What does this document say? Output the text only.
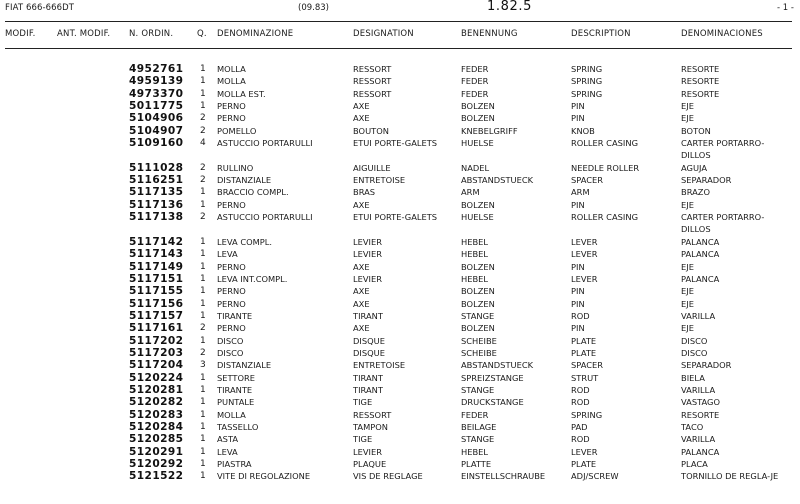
FIAT 666-666DT	(09.83)	1.82.5	- 1 -
MODIF.	ANT. MODIF. N. ORDIN.	Q. DENOMINAZIONE	DESIGNATION	BENENNUNG	DESCRIPTION	DENOMINACIONES
4952761 1 MOLLA	RESSORT	FEDER	SPRING	RESORTE
4959139 1 MOLLA	RESSORT	FEDER	SPRING	RESORTE
4973370 1 MOLLA EST.	RESSORT	FEDER	SPRING	RESORTE
5011775 1 PERNO	AXE	BOLZEN	PIN	EJE
5104906 2 PERNO	AXE	BOLZEN	PIN	EJE
5104907 2 POMELLO	BOUTON	KNEBELGRIFF	KNOB	BOTON
5109160 4 ASTUCCIO PORTARULLI	ETUI PORTE-GALETS	HUELSE	ROLLER CASING	CARTER PORTARRO-DILLOS
5111028 2 RULLINO	AIGUILLE	NADEL	NEEDLE ROLLER	AGUJA
5116251 2 DISTANZIALE	ENTRETOISE	ABSTANDSTUECK	SPACER	SEPARADOR
5117135 1 BRACCIO COMPL.	BRAS	ARM	ARM	BRAZO
5117136 1 PERNO	AXE	BOLZEN	PIN	EJE
5117138 2 ASTUCCIO PORTARULLI	ETUI PORTE-GALETS	HUELSE	ROLLER CASING	CARTER PORTARRO-DILLOS
5117142 1 LEVA COMPL.	LEVIER	HEBEL	LEVER	PALANCA
5117143 1 LEVA	LEVIER	HEBEL	LEVER	PALANCA
5117149 1 PERNO	AXE	BOLZEN	PIN	EJE
5117151 1 LEVA INT.COMPL.	LEVIER	HEBEL	LEVER	PALANCA
5117155 1 PERNO	AXE	BOLZEN	PIN	EJE
5117156 1 PERNO	AXE	BOLZEN	PIN	EJE
5117157 1 TIRANTE	TIRANT	STANGE	ROD	VARILLA
5117161 2 PERNO	AXE	BOLZEN	PIN	EJE
5117202 1 DISCO	DISQUE	SCHEIBE	PLATE	DISCO
5117203 2 DISCO	DISQUE	SCHEIBE	PLATE	DISCO
5117204 3 DISTANZIALE	ENTRETOISE	ABSTANDSTUECK	SPACER	SEPARADOR
5120224 1 SETTORE	TIRANT	SPREIZSTANGE	STRUT	BIELA
5120281 1 TIRANTE	TIRANT	STANGE	ROD	VARILLA
5120282 1 PUNTALE	TIGE	DRUCKSTANGE	ROD	VASTAGO
5120283 1 MOLLA	RESSORT	FEDER	SPRING	RESORTE
5120284 1 TASSELLO	TAMPON	BEILAGE	PAD	TACO
5120285 1 ASTA	TIGE	STANGE	ROD	VARILLA
5120291 1 LEVA	LEVIER	HEBEL	LEVER	PALANCA
5120292 1 PIASTRA	PLAQUE	PLATTE	PLATE	PLACA
5121522 1 VITE DI REGOLAZIONE	VIS DE REGLAGE	EINSTELLSCHRAUBE	ADJ/SCREW	TORNILLO DE REGLA-JE
